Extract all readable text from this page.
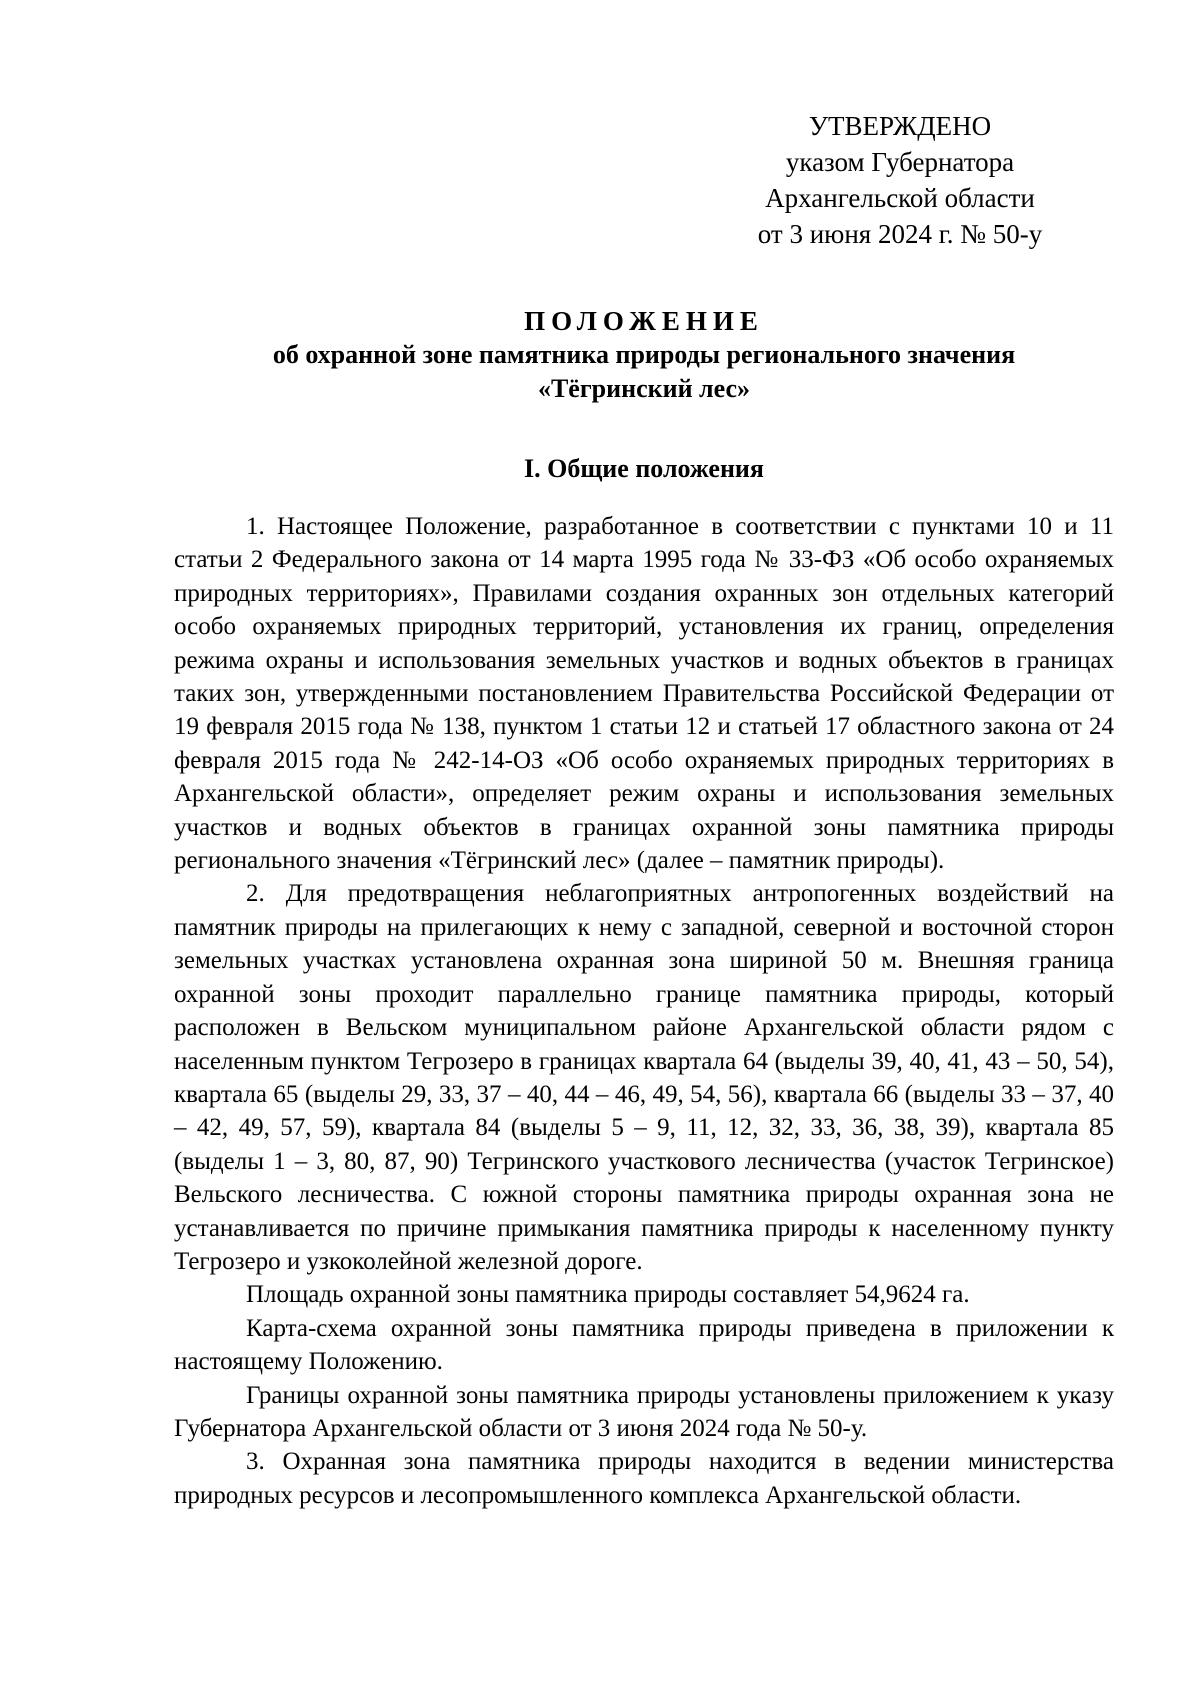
УТВЕРЖДЕНО
указом Губернатора
Архангельской области
от 3 июня 2024 г. № 50-у
ПОЛОЖЕНИЕ
об охранной зоне памятника природы регионального значения
«Тёгринский лес»
I. Общие положения

1. Настоящее Положение, разработанное в соответствии с пунктами 10 и 11 статьи 2 Федерального закона от 14 марта 1995 года № 33-ФЗ «Об особо охраняемых природных территориях», Правилами создания охранных зон отдельных категорий особо охраняемых природных территорий, установления их границ, определения режима охраны и использования земельных участков и водных объектов в границах таких зон, утвержденными постановлением Правительства Российской Федерации от 19 февраля 2015 года № 138, пунктом 1 статьи 12 и статьей 17 областного закона от 24 февраля 2015 года № 242-14-ОЗ «Об особо охраняемых природных территориях в Архангельской области», определяет режим охраны и использования земельных участков и водных объектов в границах охранной зоны памятника природы регионального значения «Тёгринский лес» (далее – памятник природы).

2. Для предотвращения неблагоприятных антропогенных воздействий на памятник природы на прилегающих к нему с западной, северной и восточной сторон земельных участках установлена охранная зона шириной 50 м. Внешняя граница охранной зоны проходит параллельно границе памятника природы, который расположен в Вельском муниципальном районе Архангельской области рядом с населенным пунктом Тегрозеро в границах квартала 64 (выделы 39, 40, 41, 43 – 50, 54), квартала 65 (выделы 29, 33, 37 – 40, 44 – 46, 49, 54, 56), квартала 66 (выделы 33 – 37, 40 – 42, 49, 57, 59), квартала 84 (выделы 5 – 9, 11, 12, 32, 33, 36, 38, 39), квартала 85 (выделы 1 – 3, 80, 87, 90) Тегринского участкового лесничества (участок Тегринское) Вельского лесничества. С южной стороны памятника природы охранная зона не устанавливается по причине примыкания памятника природы к населенному пункту Тегрозеро и узкоколейной железной дороге.

Площадь охранной зоны памятника природы составляет 54,9624 га.

Карта-схема охранной зоны памятника природы приведена в приложении к настоящему Положению.

Границы охранной зоны памятника природы установлены приложением к указу Губернатора Архангельской области от 3 июня 2024 года № 50-у.

3. Охранная зона памятника природы находится в ведении министерства природных ресурсов и лесопромышленного комплекса Архангельской области.
